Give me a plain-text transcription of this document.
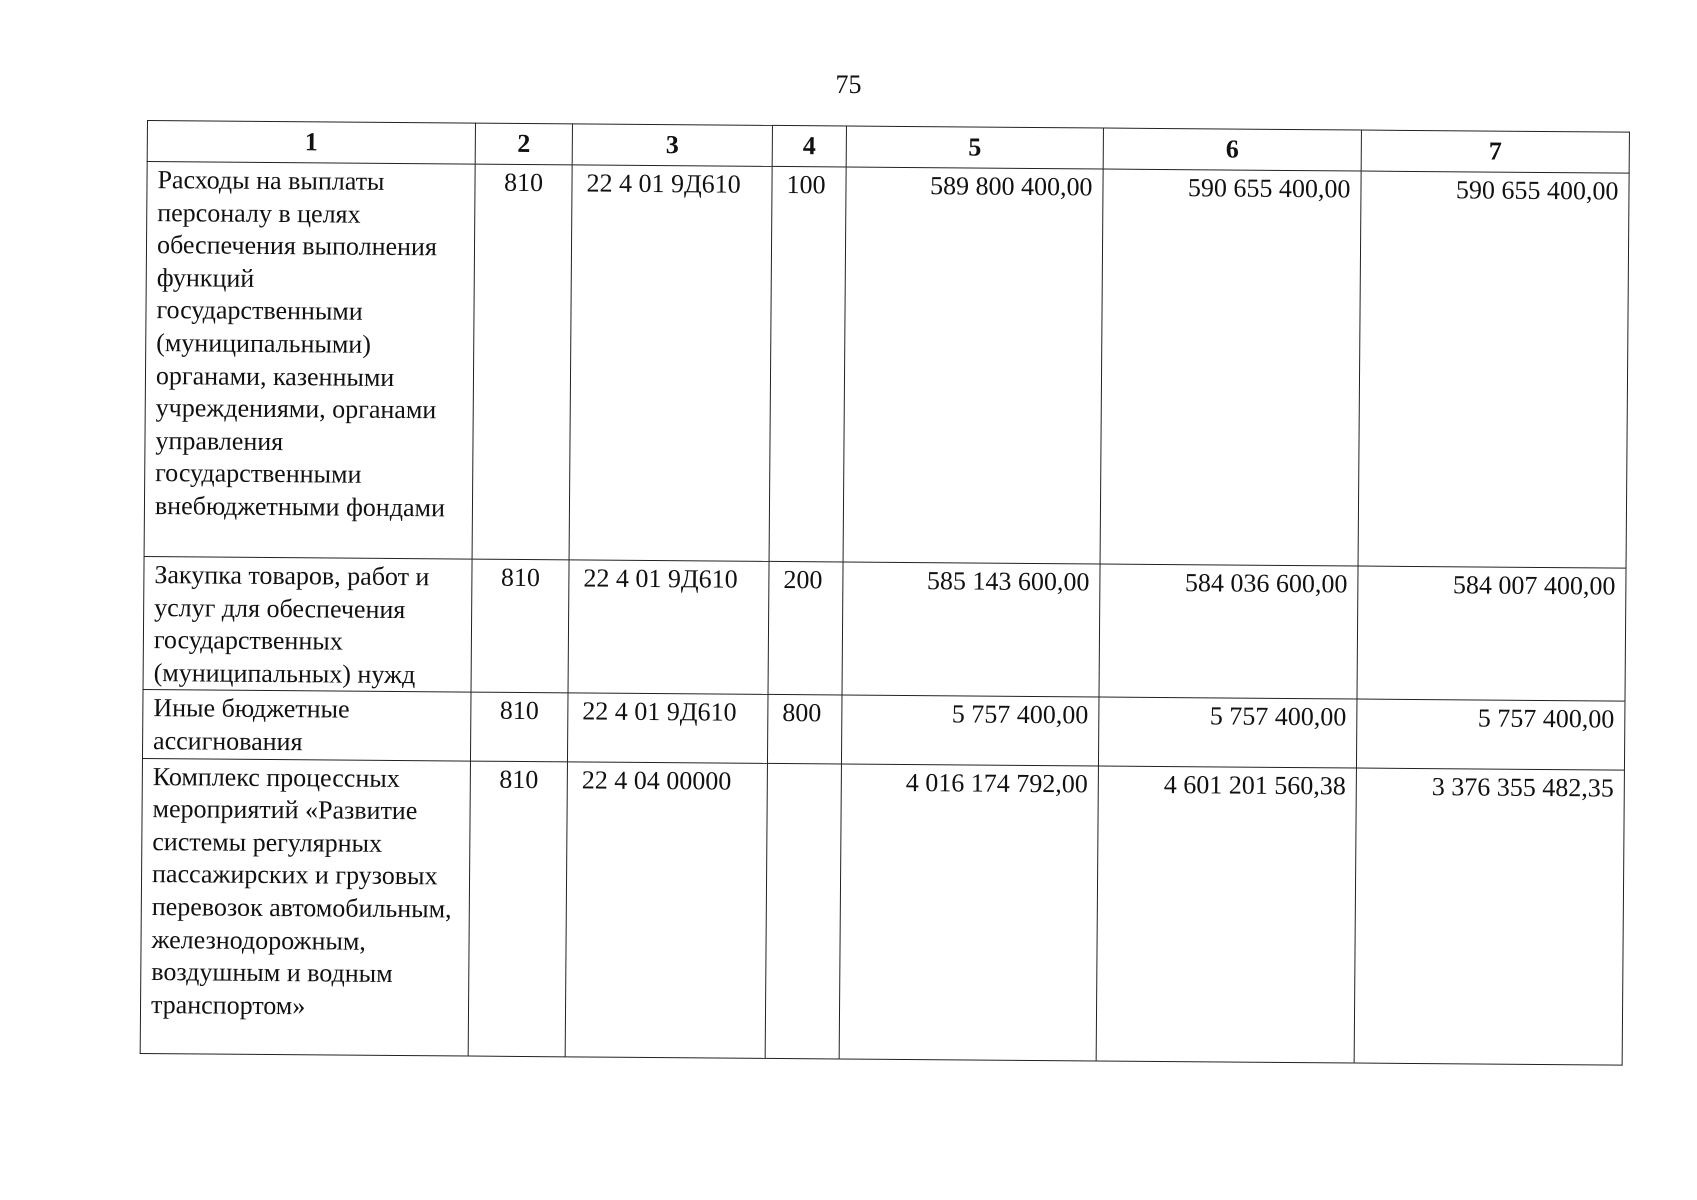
75
1	2	3	4	5	6	7
Расходы на выплаты персоналу в целях обеспечения выполнения функций государственными (муниципальными) органами, казенными учреждениями, органами управления государственными внебюджетными фондами	810	22 4 01 9Д610	100	589 800 400,00	590 655 400,00	590 655 400,00
Закупка товаров, работ и услуг для обеспечения государственных (муниципальных) нужд	810	22 4 01 9Д610	200	585 143 600,00	584 036 600,00	584 007 400,00
Иные бюджетные ассигнования	810	22 4 01 9Д610	800	5 757 400,00	5 757 400,00	5 757 400,00
Комплекс процессных мероприятий «Развитие системы регулярных пассажирских и грузовых перевозок автомобильным, железнодорожным, воздушным и водным транспортом»	810	22 4 04 00000		4 016 174 792,00	4 601 201 560,38	3 376 355 482,35
